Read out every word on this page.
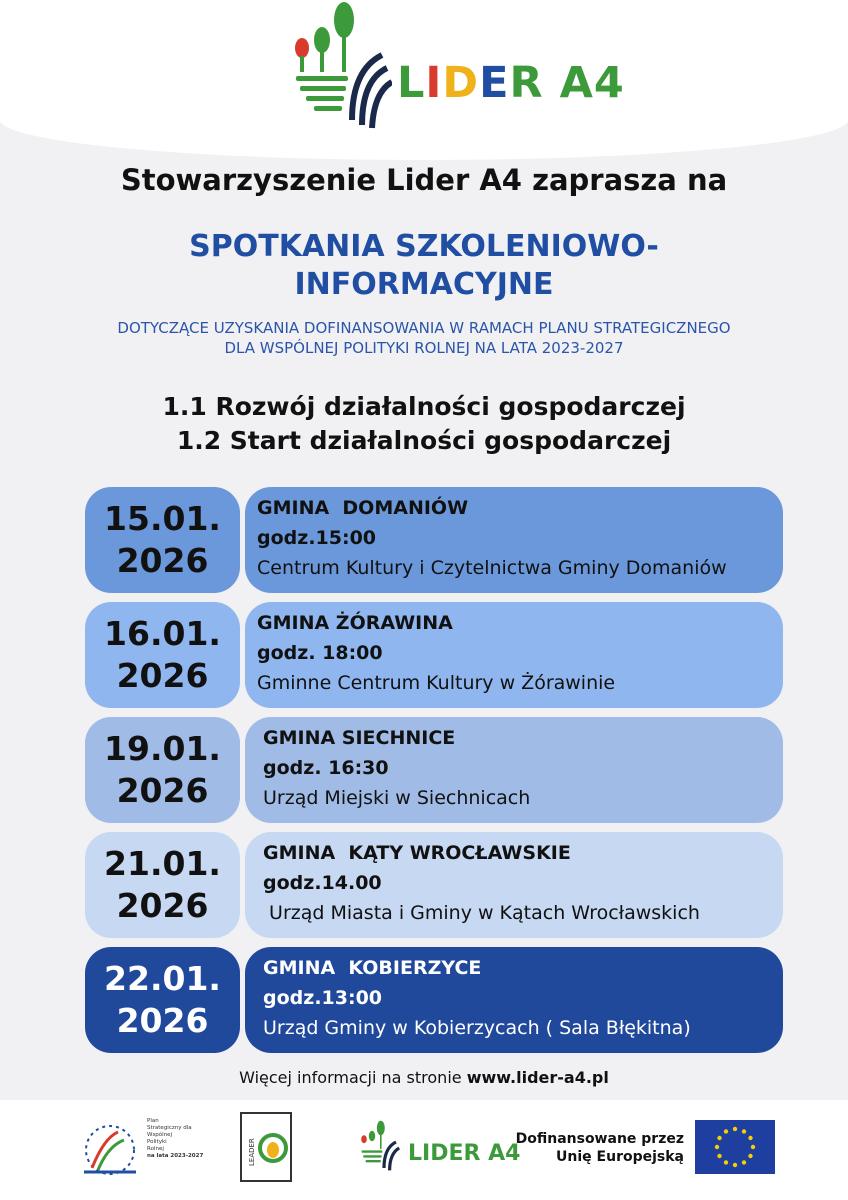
LIDER A4
Stowarzyszenie Lider A4 zaprasza na
SPOTKANIA SZKOLENIOWO-
INFORMACYJNE
DOTYCZĄCE UZYSKANIA DOFINANSOWANIA W RAMACH PLANU STRATEGICZNEGO
DLA WSPÓLNEJ POLITYKI ROLNEJ NA LATA 2023-2027
1.1 Rozwój działalności gospodarczej
1.2 Start działalności gospodarczej
15.01.
2026
GMINA  DOMANIÓW
godz.15:00
Centrum Kultury i Czytelnictwa Gminy Domaniów
16.01.
2026
GMINA ŻÓRAWINA
godz. 18:00
Gminne Centrum Kultury w Żórawinie
19.01.
2026
GMINA SIECHNICE
godz. 16:30
Urząd Miejski w Siechnicach
21.01.
2026
GMINA  KĄTY WROCŁAWSKIE
godz.14.00
Urząd Miasta i Gminy w Kątach Wrocławskich
22.01.
2026
GMINA  KOBIERZYCE
godz.13:00
Urząd Gminy w Kobierzycach ( Sala Błękitna)
Więcej informacji na stronie www.lider-a4.pl
Plan
Strategiczny dla
Wspólnej
Polityki
Rolnej
na lata 2023-2027	LEADER	LIDER A4
Dofinansowane przez
Unię Europejską
